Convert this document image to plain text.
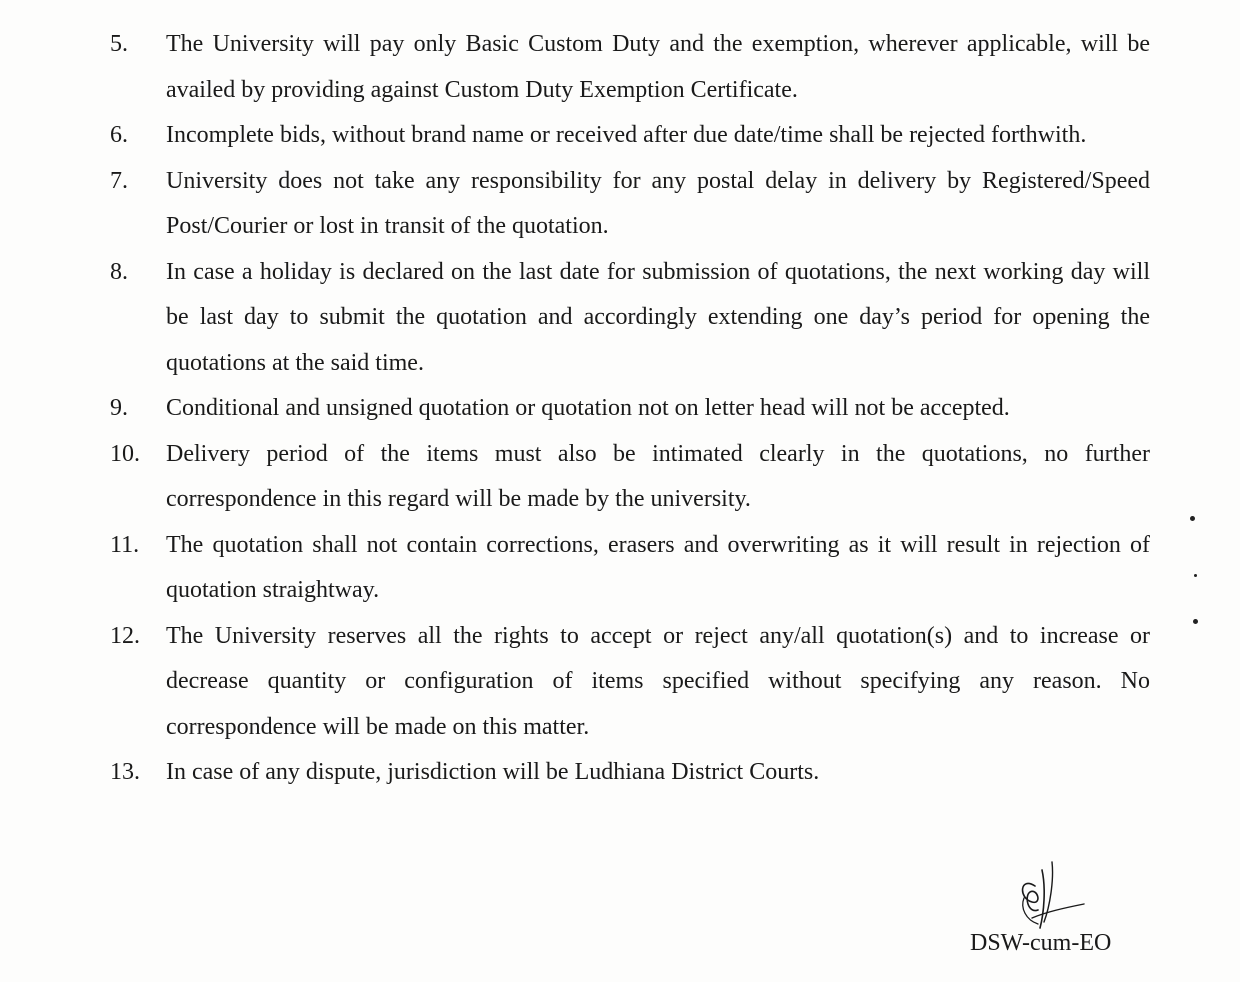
5.	The University will pay only Basic Custom Duty and the exemption, wherever applicable, will be availed by providing against Custom Duty Exemption Certificate.
6.	Incomplete bids, without brand name or received after due date/time shall be rejected forthwith.
7.	University does not take any responsibility for any postal delay in delivery by Registered/Speed Post/Courier or lost in transit of the quotation.
8.	In case a holiday is declared on the last date for submission of quotations, the next working day will be last day to submit the quotation and accordingly extending one day’s period for opening the quotations at the said time.
9.	Conditional and unsigned quotation or quotation not on letter head will not be accepted.
10.	Delivery period of the items must also be intimated clearly in the quotations, no further correspondence in this regard will be made by the university.
11.	The quotation shall not contain corrections, erasers and overwriting as it will result in rejection of quotation straightway.
12.	The University reserves all the rights to accept or reject any/all quotation(s) and to increase or decrease quantity or configuration of items specified without specifying any reason. No correspondence will be made on this matter.
13.	In case of any dispute, jurisdiction will be Ludhiana District Courts.
DSW-cum-EO
